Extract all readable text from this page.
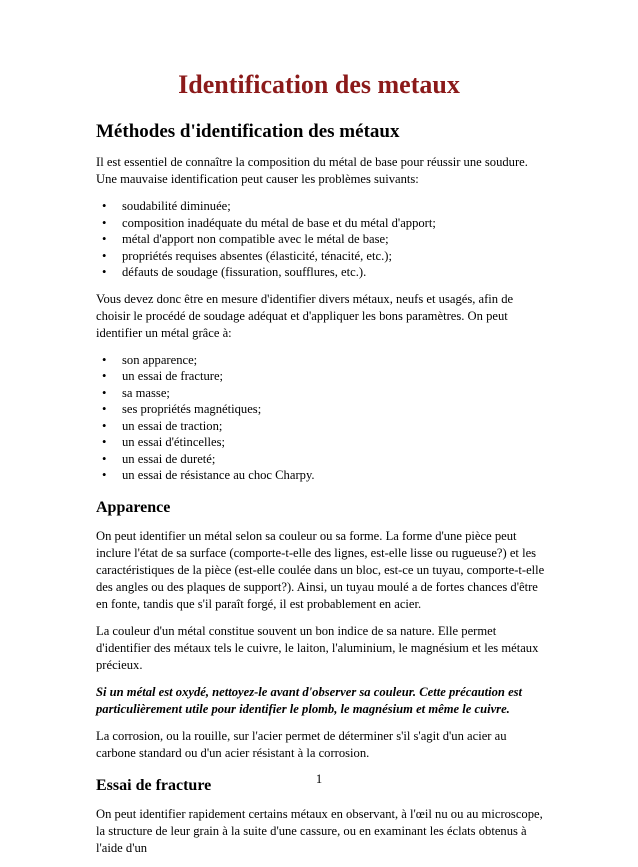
Identification des metaux
Méthodes d'identification des métaux

Il est essentiel de connaître la composition du métal de base pour réussir une soudure. Une mauvaise identification peut causer les problèmes suivants:

• soudabilité diminuée;
• composition inadéquate du métal de base et du métal d'apport;
• métal d'apport non compatible avec le métal de base;
• propriétés requises absentes (élasticité, ténacité, etc.);
• défauts de soudage (fissuration, soufflures, etc.).

Vous devez donc être en mesure d'identifier divers métaux, neufs et usagés, afin de choisir le procédé de soudage adéquat et d'appliquer les bons paramètres. On peut identifier un métal grâce à:

• son apparence;
• un essai de fracture;
• sa masse;
• ses propriétés magnétiques;
• un essai de traction;
• un essai d'étincelles;
• un essai de dureté;
• un essai de résistance au choc Charpy.
Apparence

On peut identifier un métal selon sa couleur ou sa forme. La forme d'une pièce peut inclure l'état de sa surface (comporte-t-elle des lignes, est-elle lisse ou rugueuse?) et les caractéristiques de la pièce (est-elle coulée dans un bloc, est-ce un tuyau, comporte-t-elle des angles ou des plaques de support?). Ainsi, un tuyau moulé a de fortes chances d'être en fonte, tandis que s'il paraît forgé, il est probablement en acier.

La couleur d'un métal constitue souvent un bon indice de sa nature. Elle permet d'identifier des métaux tels le cuivre, le laiton, l'aluminium, le magnésium et les métaux précieux.

Si un métal est oxydé, nettoyez-le avant d'observer sa couleur. Cette précaution est particulièrement utile pour identifier le plomb, le magnésium et même le cuivre.

La corrosion, ou la rouille, sur l'acier permet de déterminer s'il s'agit d'un acier au carbone standard ou d'un acier résistant à la corrosion.

Essai de fracture

On peut identifier rapidement certains métaux en observant, à l'œil nu ou au microscope, la structure de leur grain à la suite d'une cassure, ou en examinant les éclats obtenus à l'aide d'un

1
